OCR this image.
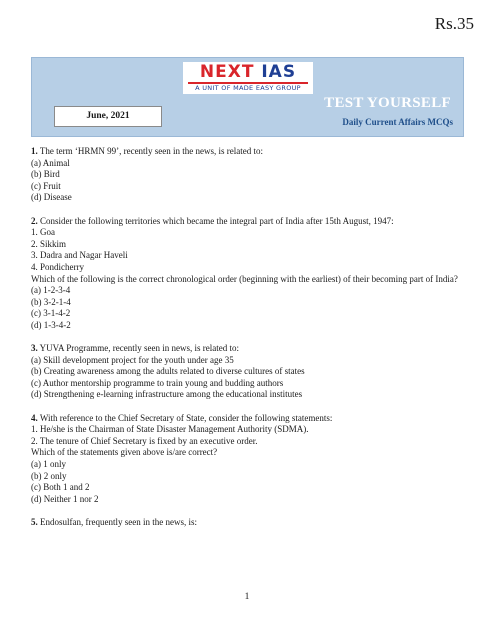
Rs.35
NEXT IAS
A UNIT OF MADE EASY GROUP
June, 2021
TEST YOURSELF
Daily Current Affairs MCQs
1. The term ‘HRMN 99’, recently seen in the news, is related to:
(a) Animal
(b) Bird
(c) Fruit
(d) Disease
2. Consider the following territories which became the integral part of India after 15th August, 1947:
1. Goa
2. Sikkim
3. Dadra and Nagar Haveli
4. Pondicherry
Which of the following is the correct chronological order (beginning with the earliest) of their becoming part of India?
(a) 1-2-3-4
(b) 3-2-1-4
(c) 3-1-4-2
(d) 1-3-4-2
3. YUVA Programme, recently seen in news, is related to:
(a) Skill development project for the youth under age 35
(b) Creating awareness among the adults related to diverse cultures of states
(c) Author mentorship programme to train young and budding authors
(d) Strengthening e-learning infrastructure among the educational institutes
4. With reference to the Chief Secretary of State, consider the following statements:
1. He/she is the Chairman of State Disaster Management Authority (SDMA).
2. The tenure of Chief Secretary is fixed by an executive order.
Which of the statements given above is/are correct?
(a) 1 only
(b) 2 only
(c) Both 1 and 2
(d) Neither 1 nor 2
5. Endosulfan, frequently seen in the news, is:
1
